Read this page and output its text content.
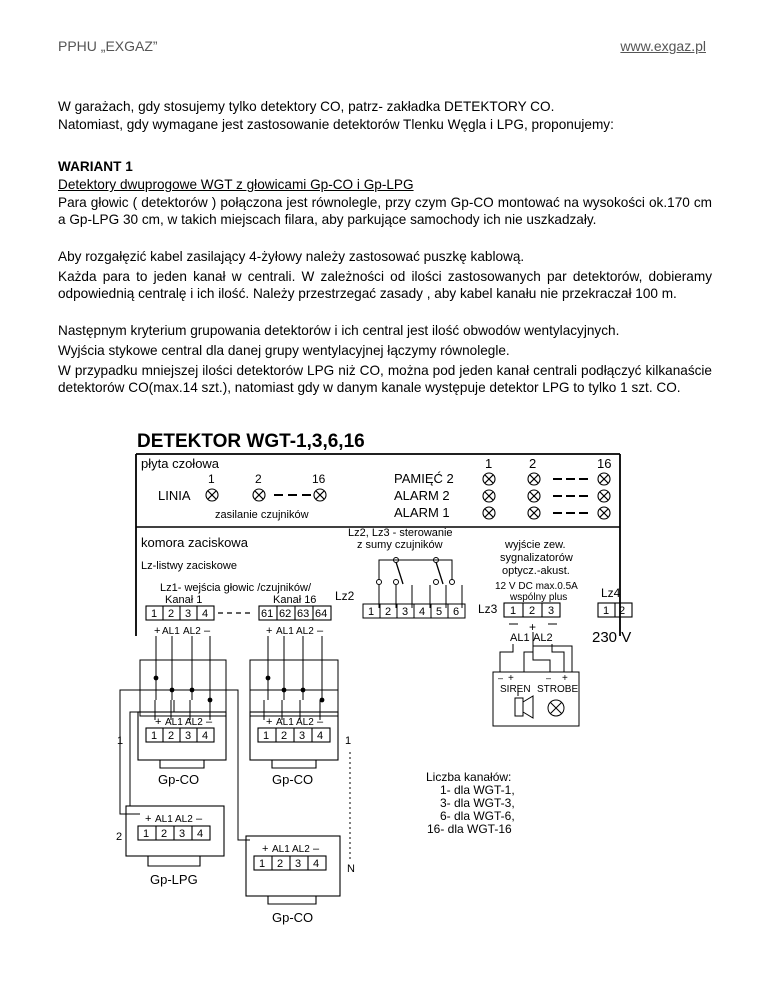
PPHU „EXGAZ”	www.exgaz.pl
W garażach, gdy stosujemy tylko detektory CO, patrz- zakładka DETEKTORY CO.
Natomiast, gdy wymagane jest zastosowanie detektorów Tlenku Węgla i LPG, proponujemy:
WARIANT 1
Detektory dwuprogowe WGT z głowicami Gp-CO i Gp-LPG
Para głowic ( detektorów ) połączona jest równolegle, przy czym Gp-CO montować na wysokości ok.170 cm a Gp-LPG 30 cm, w takich miejscach filara, aby parkujące samochody ich nie uszkadzały.
Aby rozgałęzić kabel zasilający 4-żyłowy należy zastosować puszkę kablową.
Każda para to jeden kanał w centrali. W zależności od ilości zastosowanych par detektorów, dobieramy odpowiednią centralę i ich ilość. Należy przestrzegać zasady , aby kabel kanału nie przekraczał 100 m.
Następnym kryterium grupowania detektorów i ich central jest ilość obwodów wentylacyjnych.
Wyjścia stykowe central dla danej grupy wentylacyjnej łączymy równolegle.
W przypadku mniejszej ilości detektorów LPG niż CO, można pod jeden kanał centrali podłączyć kilkanaście detektorów CO(max.14 szt.), natomiast gdy w danym kanale występuje detektor LPG to tylko 1 szt. CO.
DETEKTOR WGT-1,3,6,16
płyta czołowa
1	2	16
LINIA
zasilanie czujników
1	2	16
PAMIĘĆ 2
ALARM 2
ALARM 1
komora zaciskowa
Lz-listwy zaciskowe
Lz1- wejścia głowic /czujników/
Kanał 1	Kanał 16
1 2 3 4	61 62 63 64
+ AL1 AL2 –	+ AL1 AL2 –
Lz2, Lz3 - sterowanie
z sumy czujników
Lz2
1 2 3 4 5 6
wyjście zew.
sygnalizatorów
optycz.-akust.
12 V DC max.0.5A
wspólny plus
Lz3 1 2 3
Lz4
1 2
AL1 AL2
+
230 V
– +	– +
SIREN STROBE
+ AL1 AL2 –
1 2 3 4
1
Gp-CO
+ AL1 AL2 –
1 2 3 4 1
Gp-CO
+ AL1 AL2 –
1 2 3 4
2
Gp-LPG
+ AL1 AL2 –
1 2 3 4	N
Gp-CO
Liczba kanałów:
1- dla WGT-1,
3- dla WGT-3,
6- dla WGT-6,
16- dla WGT-16
